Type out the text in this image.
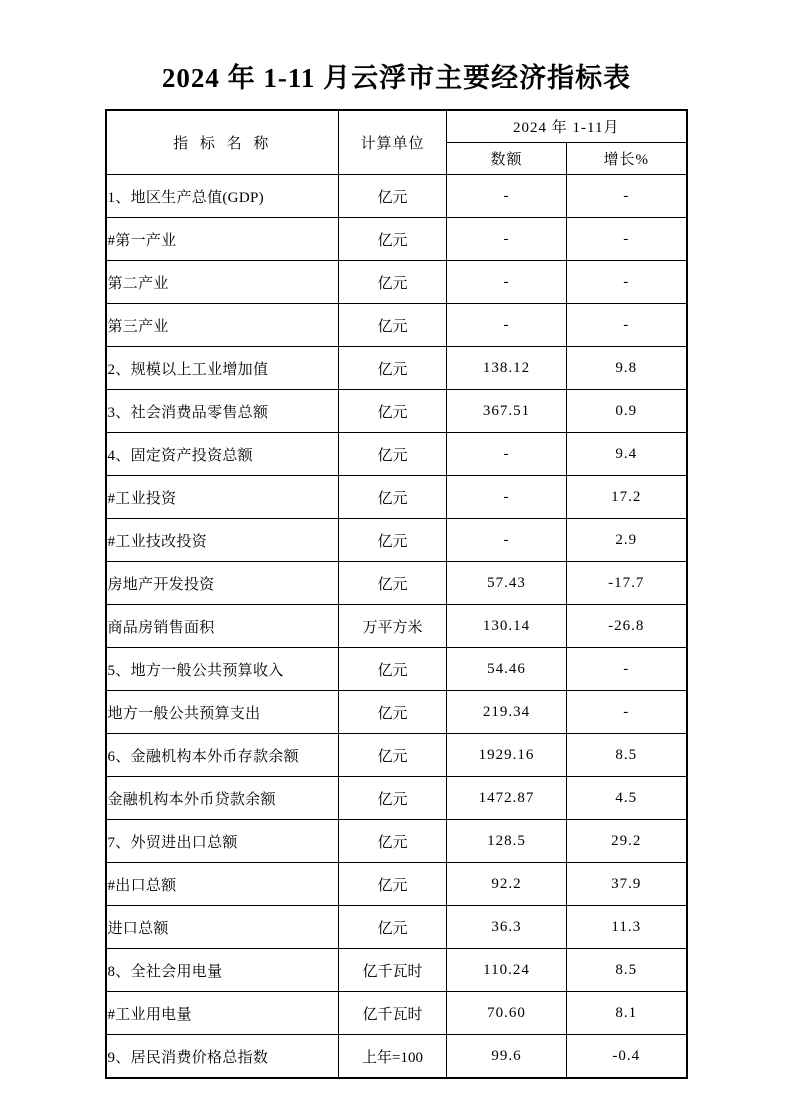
2024 年 1-11 月云浮市主要经济指标表
指 标 名 称	计算单位	2024 年 1-11月	
		数额	增长%
1、地区生产总值(GDP)	亿元	-	-
#第一产业	亿元	-	-
第二产业	亿元	-	-
第三产业	亿元	-	-
2、规模以上工业增加值	亿元	138.12	9.8
3、社会消费品零售总额	亿元	367.51	0.9
4、固定资产投资总额	亿元	-	9.4
#工业投资	亿元	-	17.2
#工业技改投资	亿元	-	2.9
房地产开发投资	亿元	57.43	-17.7
商品房销售面积	万平方米	130.14	-26.8
5、地方一般公共预算收入	亿元	54.46	-
地方一般公共预算支出	亿元	219.34	-
6、金融机构本外币存款余额	亿元	1929.16	8.5
金融机构本外币贷款余额	亿元	1472.87	4.5
7、外贸进出口总额	亿元	128.5	29.2
#出口总额	亿元	92.2	37.9
进口总额	亿元	36.3	11.3
8、全社会用电量	亿千瓦时	110.24	8.5
#工业用电量	亿千瓦时	70.60	8.1
9、居民消费价格总指数	上年=100	99.6	-0.4
